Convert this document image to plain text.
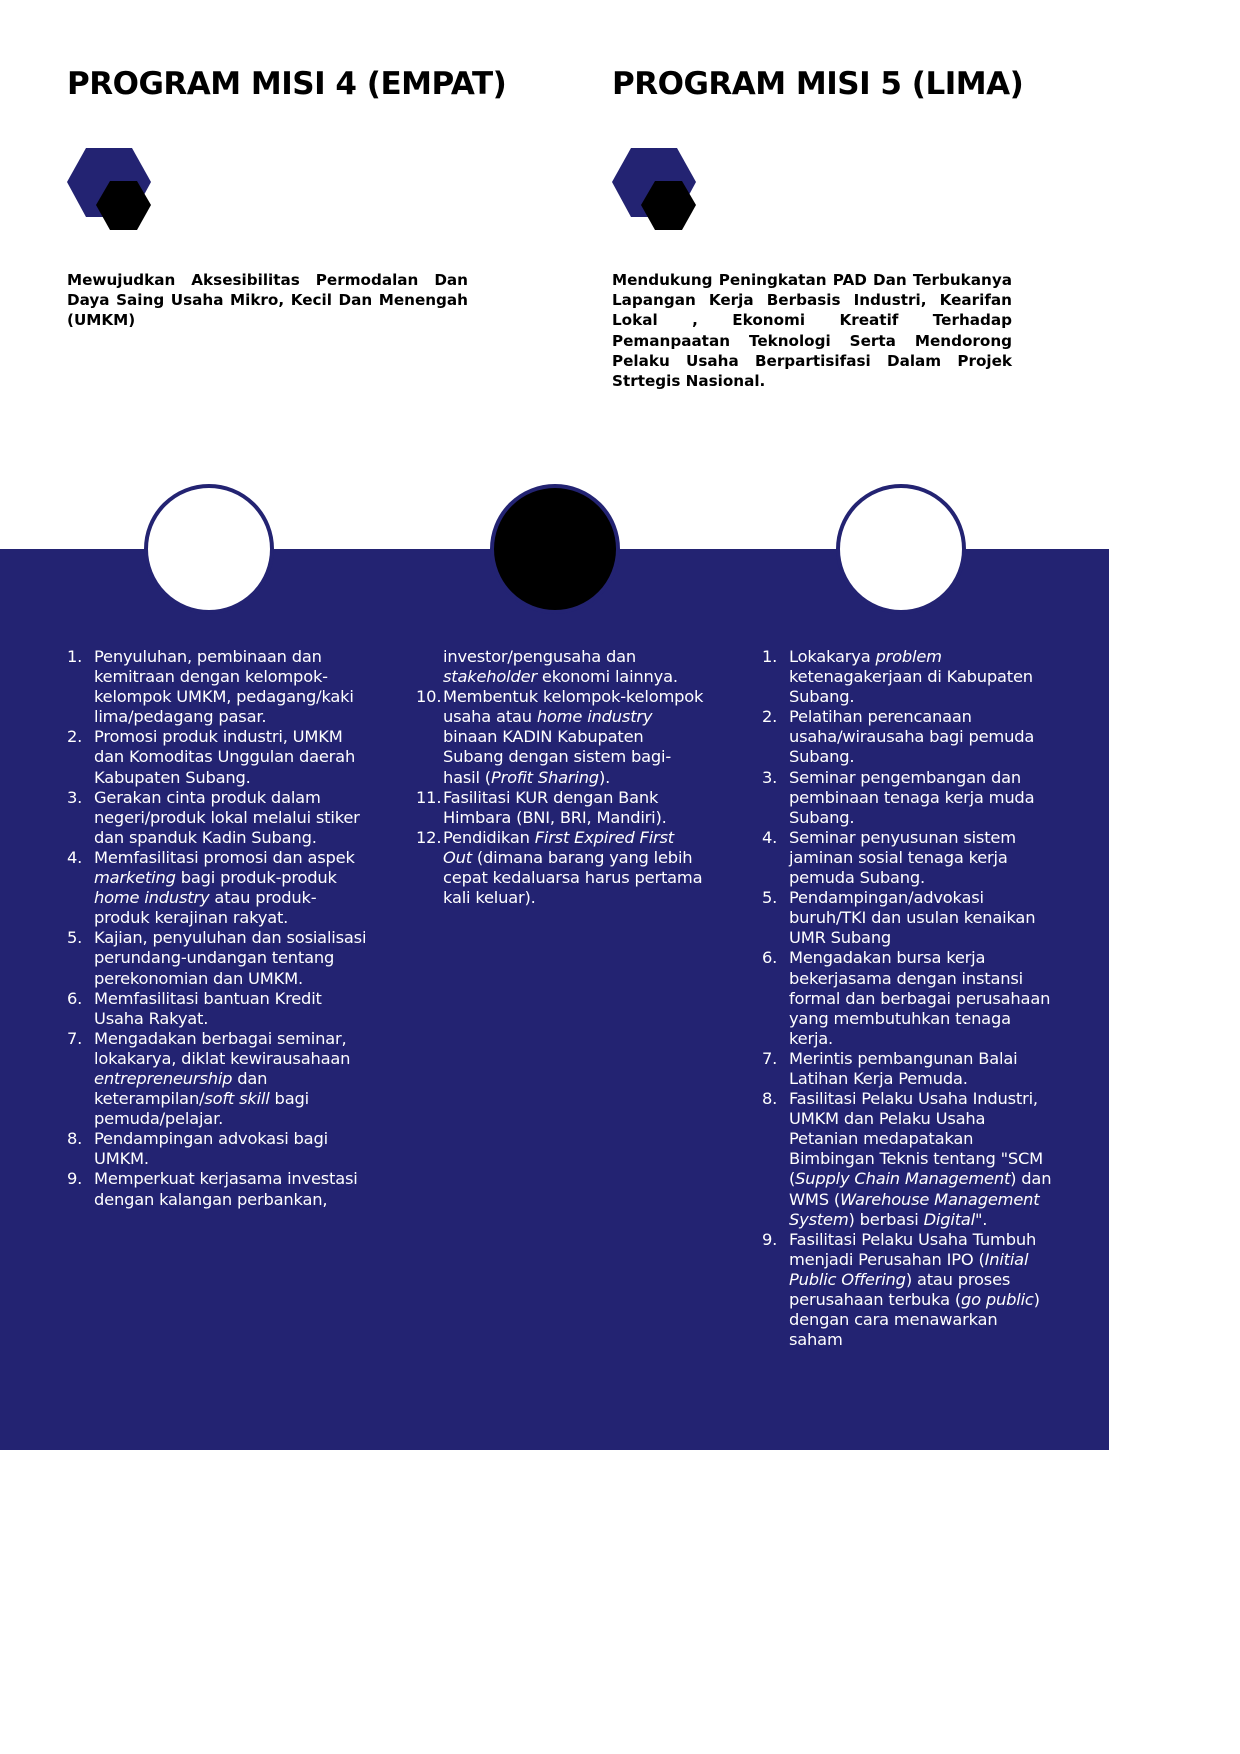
PROGRAM MISI 4 (EMPAT)	PROGRAM MISI 5 (LIMA)

Mewujudkan Aksesibilitas Permodalan Dan Daya Saing Usaha Mikro, Kecil Dan Menengah (UMKM)

Mendukung Peningkatan PAD Dan Terbukanya Lapangan Kerja Berbasis Industri, Kearifan Lokal , Ekonomi Kreatif Terhadap Pemanpaatan Teknologi Serta Mendorong Pelaku Usaha Berpartisifasi Dalam Projek Strtegis Nasional.

1. Penyuluhan, pembinaan dan kemitraan dengan kelompok-kelompok UMKM, pedagang/kaki lima/pedagang pasar.
2. Promosi produk industri, UMKM dan Komoditas Unggulan daerah Kabupaten Subang.
3. Gerakan cinta produk dalam negeri/produk lokal melalui stiker dan spanduk Kadin Subang.
4. Memfasilitasi promosi dan aspek marketing bagi produk-produk home industry atau produk-produk kerajinan rakyat.
5. Kajian, penyuluhan dan sosialisasi perundang-undangan tentang perekonomian dan UMKM.
6. Memfasilitasi bantuan Kredit Usaha Rakyat.
7. Mengadakan berbagai seminar, lokakarya, diklat kewirausahaan entrepreneurship dan keterampilan/soft skill bagi pemuda/pelajar.
8. Pendampingan advokasi bagi UMKM.
9. Memperkuat kerjasama investasi dengan kalangan perbankan,
investor/pengusaha dan stakeholder ekonomi lainnya.
10. Membentuk kelompok-kelompok usaha atau home industry binaan KADIN Kabupaten Subang dengan sistem bagi-hasil (Profit Sharing).
11. Fasilitasi KUR dengan Bank Himbara (BNI, BRI, Mandiri).
12. Pendidikan First Expired First Out (dimana barang yang lebih cepat kedaluarsa harus pertama kali keluar).
1. Lokakarya problem ketenagakerjaan di Kabupaten Subang.
2. Pelatihan perencanaan usaha/wirausaha bagi pemuda Subang.
3. Seminar pengembangan dan pembinaan tenaga kerja muda Subang.
4. Seminar penyusunan sistem jaminan sosial tenaga kerja pemuda Subang.
5. Pendampingan/advokasi buruh/TKI dan usulan kenaikan UMR Subang
6. Mengadakan bursa kerja bekerjasama dengan instansi formal dan berbagai perusahaan yang membutuhkan tenaga kerja.
7. Merintis pembangunan Balai Latihan Kerja Pemuda.
8. Fasilitasi Pelaku Usaha Industri, UMKM dan Pelaku Usaha Petanian medapatakan Bimbingan Teknis tentang "SCM (Supply Chain Management) dan WMS (Warehouse Management System) berbasi Digital".
9. Fasilitasi Pelaku Usaha Tumbuh menjadi Perusahan IPO (Initial Public Offering) atau proses perusahaan terbuka (go public) dengan cara menawarkan saham
